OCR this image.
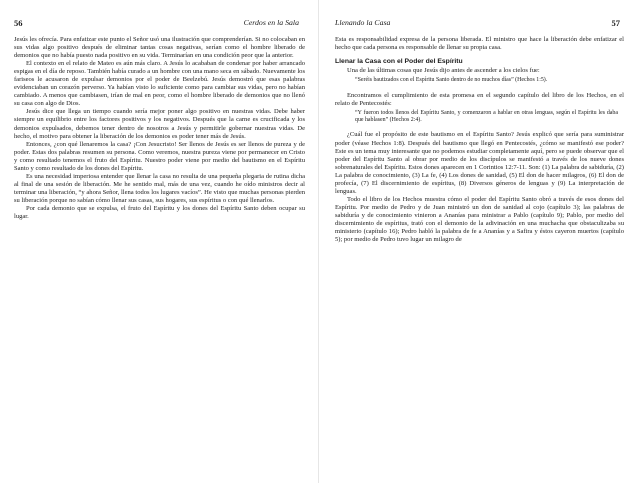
56	Cerdos en la Sala

Jesús les ofrecía. Para enfatizar este punto el Señor usó una ilustración que comprenderían. Si no colocaban en sus vidas algo positivo después de eliminar tantas cosas negativas, serían como el hombre liberado de demonios que no había puesto nada positivo en su vida. Terminarían en una condición peor que la anterior.

El contexto en el relato de Mateo es aún más claro. A Jesús lo acababan de condenar por haber arrancado espigas en el día de reposo. También había curado a un hombre con una mano seca en sábado. Nuevamente los fariseos le acusaron de expulsar demonios por el poder de Beelzebú. Jesús demostró que esas palabras evidenciaban un corazón perverso. Ya habían visto lo suficiente como para cambiar sus vidas, pero no habían cambiado. A menos que cambiasen, irían de mal en peor, como el hombre liberado de demonios que no llenó su casa con algo de Dios.

Jesús dice que llega un tiempo cuando sería mejor poner algo positivo en nuestras vidas. Debe haber siempre un equilibrio entre los factores positivos y los negativos. Después que la carne es crucificada y los demonios expulsados, debemos tener dentro de nosotros a Jesús y permitirle gobernar nuestras vidas. De hecho, el motivo para obtener la liberación de los demonios es poder tener más de Jesús.

Entonces, ¿con qué llenaremos la casa? ¡Con Jesucristo! Ser llenos de Jesús es ser llenos de pureza y de poder. Estas dos palabras resumen su persona. Como veremos, nuestra pureza viene por permanecer en Cristo y como resultado tenemos el fruto del Espíritu. Nuestro poder viene por medio del bautismo en el Espíritu Santo y como resultado de los dones del Espíritu.

Es una necesidad imperiosa entender que llenar la casa no resulta de una pequeña plegaria de rutina dicha al final de una sesión de liberación. Me he sentido mal, más de una vez, cuando he oído ministros decir al terminar una liberación, “y ahora Señor, llena todos los lugares vacíos”. He visto que muchas personas pierden su liberación porque no sabían cómo llenar sus casas, sus hogares, sus espíritus o con qué llenarlos.

Por cada demonio que se expulsa, el fruto del Espíritu y los dones del Espíritu Santo deben ocupar su lugar.

Llenando la Casa	57

Esta es responsabilidad expresa de la persona liberada. El ministro que hace la liberación debe enfatizar el hecho que cada persona es responsable de llenar su propia casa.

Llenar la Casa con el Poder del Espíritu

Una de las últimas cosas que Jesús dijo antes de ascender a los cielos fue:

“Seréis bautizados con el Espíritu Santo dentro de no muchos días” (Hechos 1:5).

Encontramos el cumplimiento de esta promesa en el segundo capítulo del libro de los Hechos, en el relato de Pentecostés:

“Y fueron todos llenos del Espíritu Santo, y comenzaron a hablar en otras lenguas, según el Espíritu les daba que hablasen” (Hechos 2:4).

¿Cuál fue el propósito de este bautismo en el Espíritu Santo? Jesús explicó que sería para suministrar poder (véase Hechos 1:8). Después del bautismo que llegó en Pentecostés, ¿cómo se manifestó ese poder? Este es un tema muy interesante que no podemos estudiar completamente aquí, pero se puede observar que el poder del Espíritu Santo al obrar por medio de los discípulos se manifestó a través de los nueve dones sobrenaturales del Espíritu. Estos dones aparecen en 1 Corintios 12:7-11. Son: (1) La palabra de sabiduría, (2) La palabra de conocimiento, (3) La fe, (4) Los dones de sanidad, (5) El don de hacer milagros, (6) El don de profecía, (7) El discernimiento de espíritus, (8) Diversos géneros de lenguas y (9) La interpretación de lenguas.

Todo el libro de los Hechos muestra cómo el poder del Espíritu Santo obró a través de esos dones del Espíritu. Por medio de Pedro y de Juan ministró un don de sanidad al cojo (capítulo 3); las palabras de sabiduría y de conocimiento vinieron a Ananías para ministrar a Pablo (capítulo 9); Pablo, por medio del discernimiento de espíritus, trató con el demonio de la adivinación en una muchacha que obstaculizaba su ministerio (capítulo 16); Pedro habló la palabra de fe a Ananías y a Safira y éstos cayeron muertos (capítulo 5); por medio de Pedro tuvo lugar un milagro de
